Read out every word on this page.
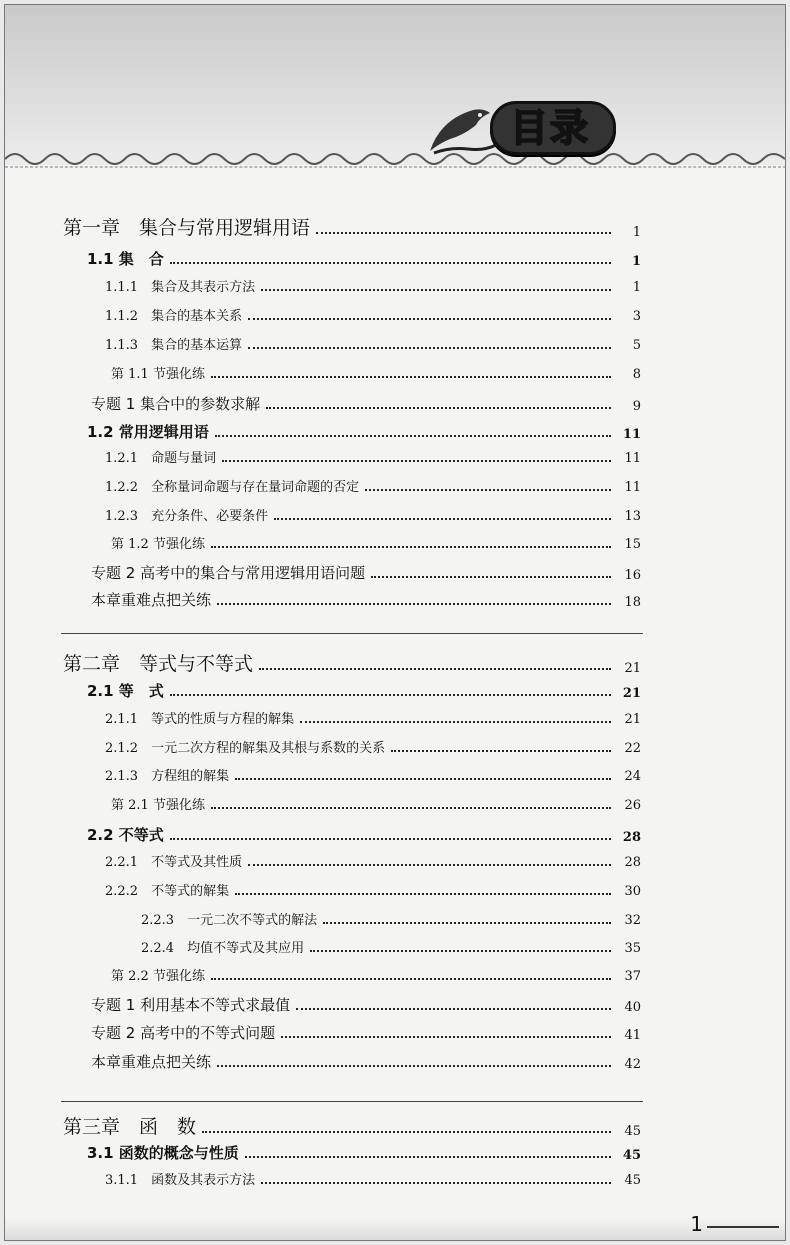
目录
第一章　集合与常用逻辑用语	1
1.1 集　合	1
1.1.1　集合及其表示方法	1
1.1.2　集合的基本关系	3
1.1.3　集合的基本运算	5
第 1.1 节强化练	8
专题 1 集合中的参数求解	9
1.2 常用逻辑用语	11
1.2.1　命题与量词	11
1.2.2　全称量词命题与存在量词命题的否定	11
1.2.3　充分条件、必要条件	13
第 1.2 节强化练	15
专题 2 高考中的集合与常用逻辑用语问题	16
本章重难点把关练	18
第二章　等式与不等式	21
2.1 等　式	21
2.1.1　等式的性质与方程的解集	21
2.1.2　一元二次方程的解集及其根与系数的关系	22
2.1.3　方程组的解集	24
第 2.1 节强化练	26
2.2 不等式	28
2.2.1　不等式及其性质	28
2.2.2　不等式的解集	30
2.2.3　一元二次不等式的解法	32
2.2.4　均值不等式及其应用	35
第 2.2 节强化练	37
专题 1 利用基本不等式求最值	40
专题 2 高考中的不等式问题	41
本章重难点把关练	42
第三章　函　数	45
3.1 函数的概念与性质	45
3.1.1　函数及其表示方法	45
1
